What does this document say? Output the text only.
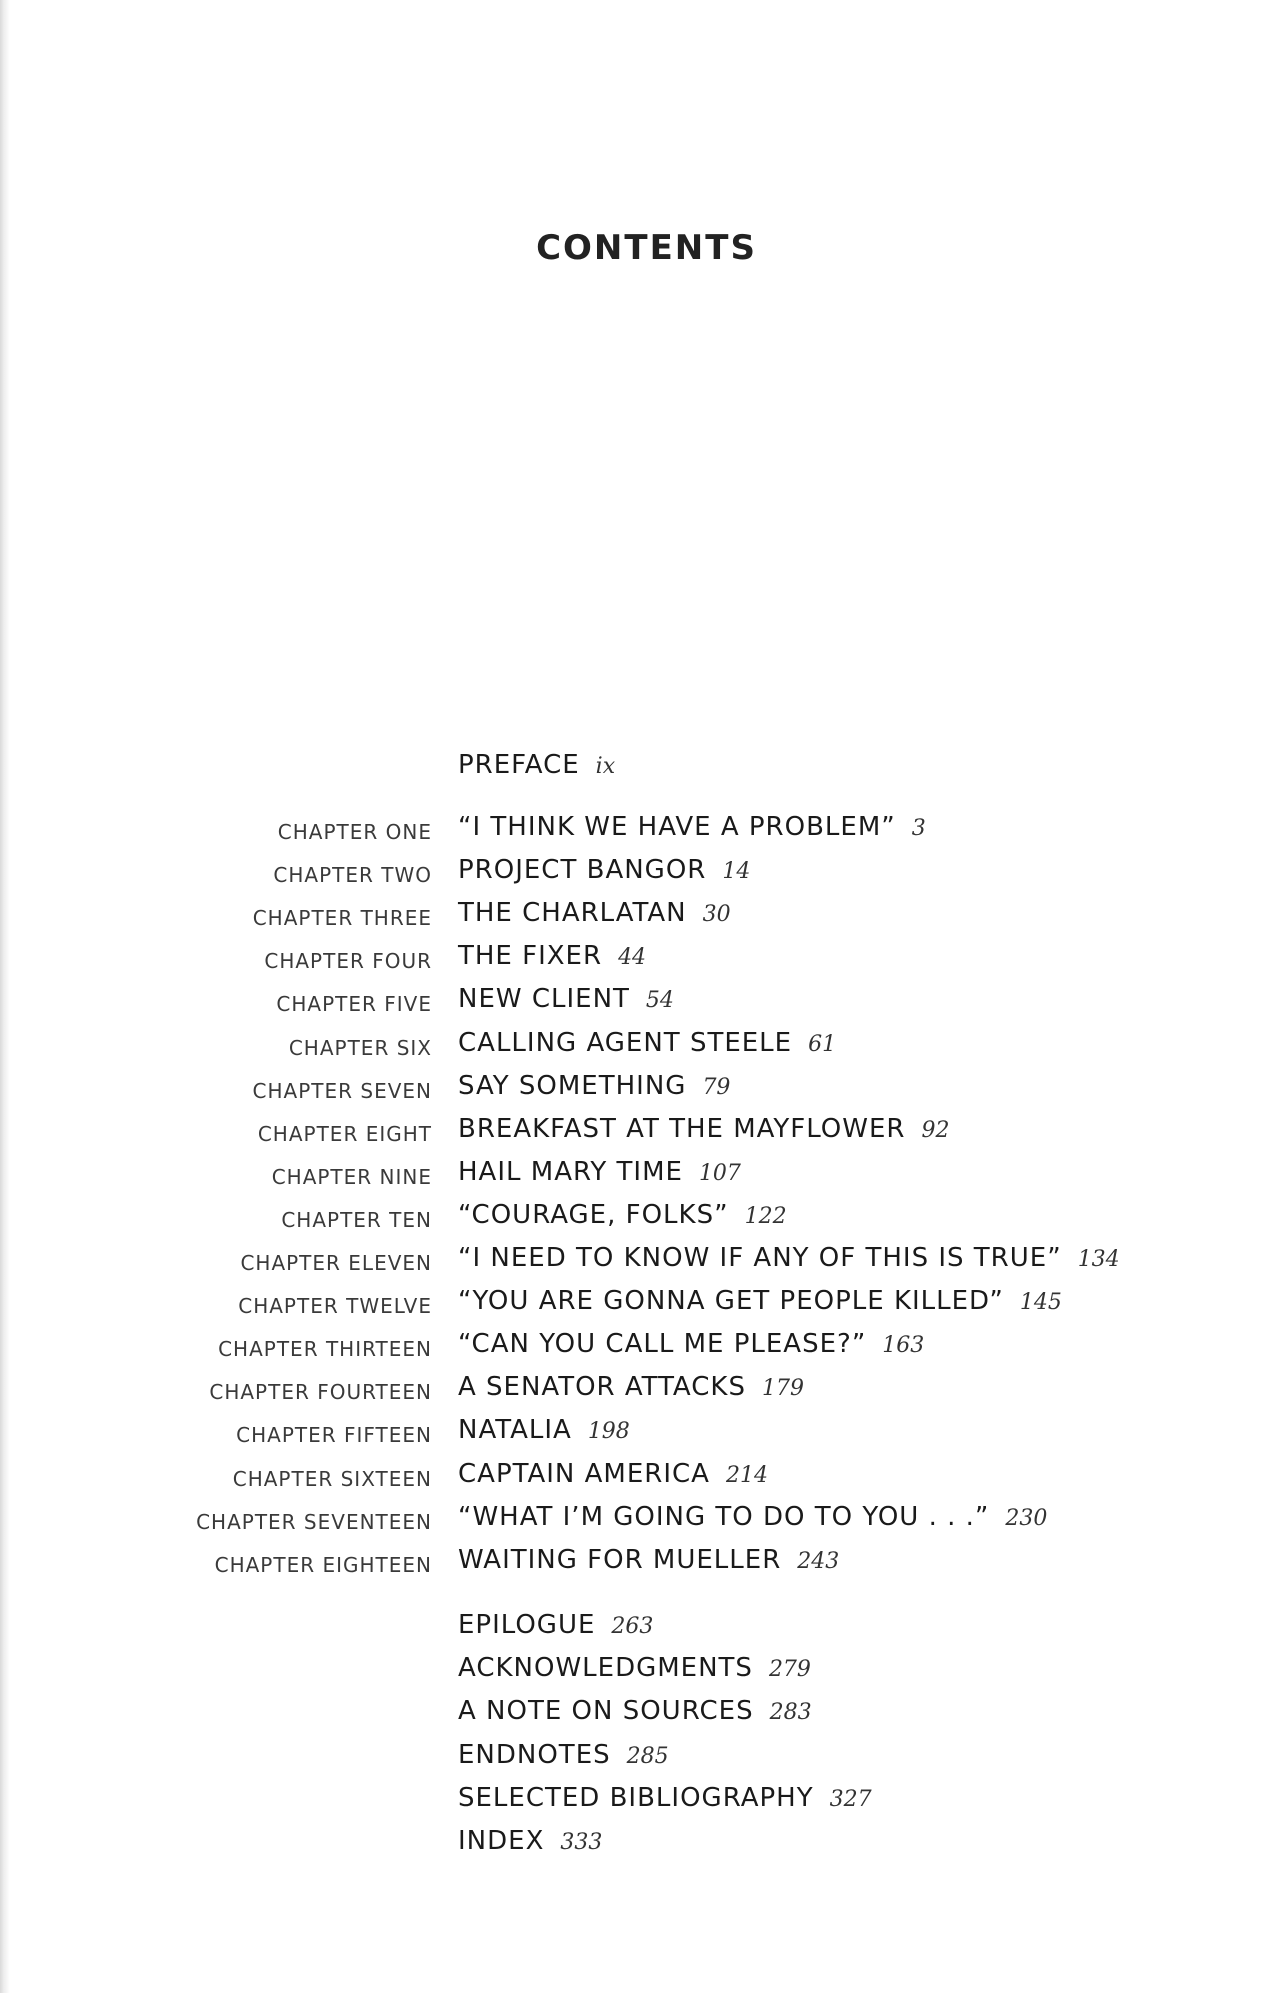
CONTENTS
PREFACE ix
CHAPTER ONE “I THINK WE HAVE A PROBLEM” 3
CHAPTER TWO PROJECT BANGOR 14
CHAPTER THREE THE CHARLATAN 30
CHAPTER FOUR THE FIXER 44
CHAPTER FIVE NEW CLIENT 54
CHAPTER SIX CALLING AGENT STEELE 61
CHAPTER SEVEN SAY SOMETHING 79
CHAPTER EIGHT BREAKFAST AT THE MAYFLOWER 92
CHAPTER NINE HAIL MARY TIME 107
CHAPTER TEN “COURAGE, FOLKS” 122
CHAPTER ELEVEN “I NEED TO KNOW IF ANY OF THIS IS TRUE” 134
CHAPTER TWELVE “YOU ARE GONNA GET PEOPLE KILLED” 145
CHAPTER THIRTEEN “CAN YOU CALL ME PLEASE?” 163
CHAPTER FOURTEEN A SENATOR ATTACKS 179
CHAPTER FIFTEEN NATALIA 198
CHAPTER SIXTEEN CAPTAIN AMERICA 214
CHAPTER SEVENTEEN “WHAT I’M GOING TO DO TO YOU . . .” 230
CHAPTER EIGHTEEN WAITING FOR MUELLER 243
EPILOGUE 263
ACKNOWLEDGMENTS 279
A NOTE ON SOURCES 283
ENDNOTES 285
SELECTED BIBLIOGRAPHY 327
INDEX 333
